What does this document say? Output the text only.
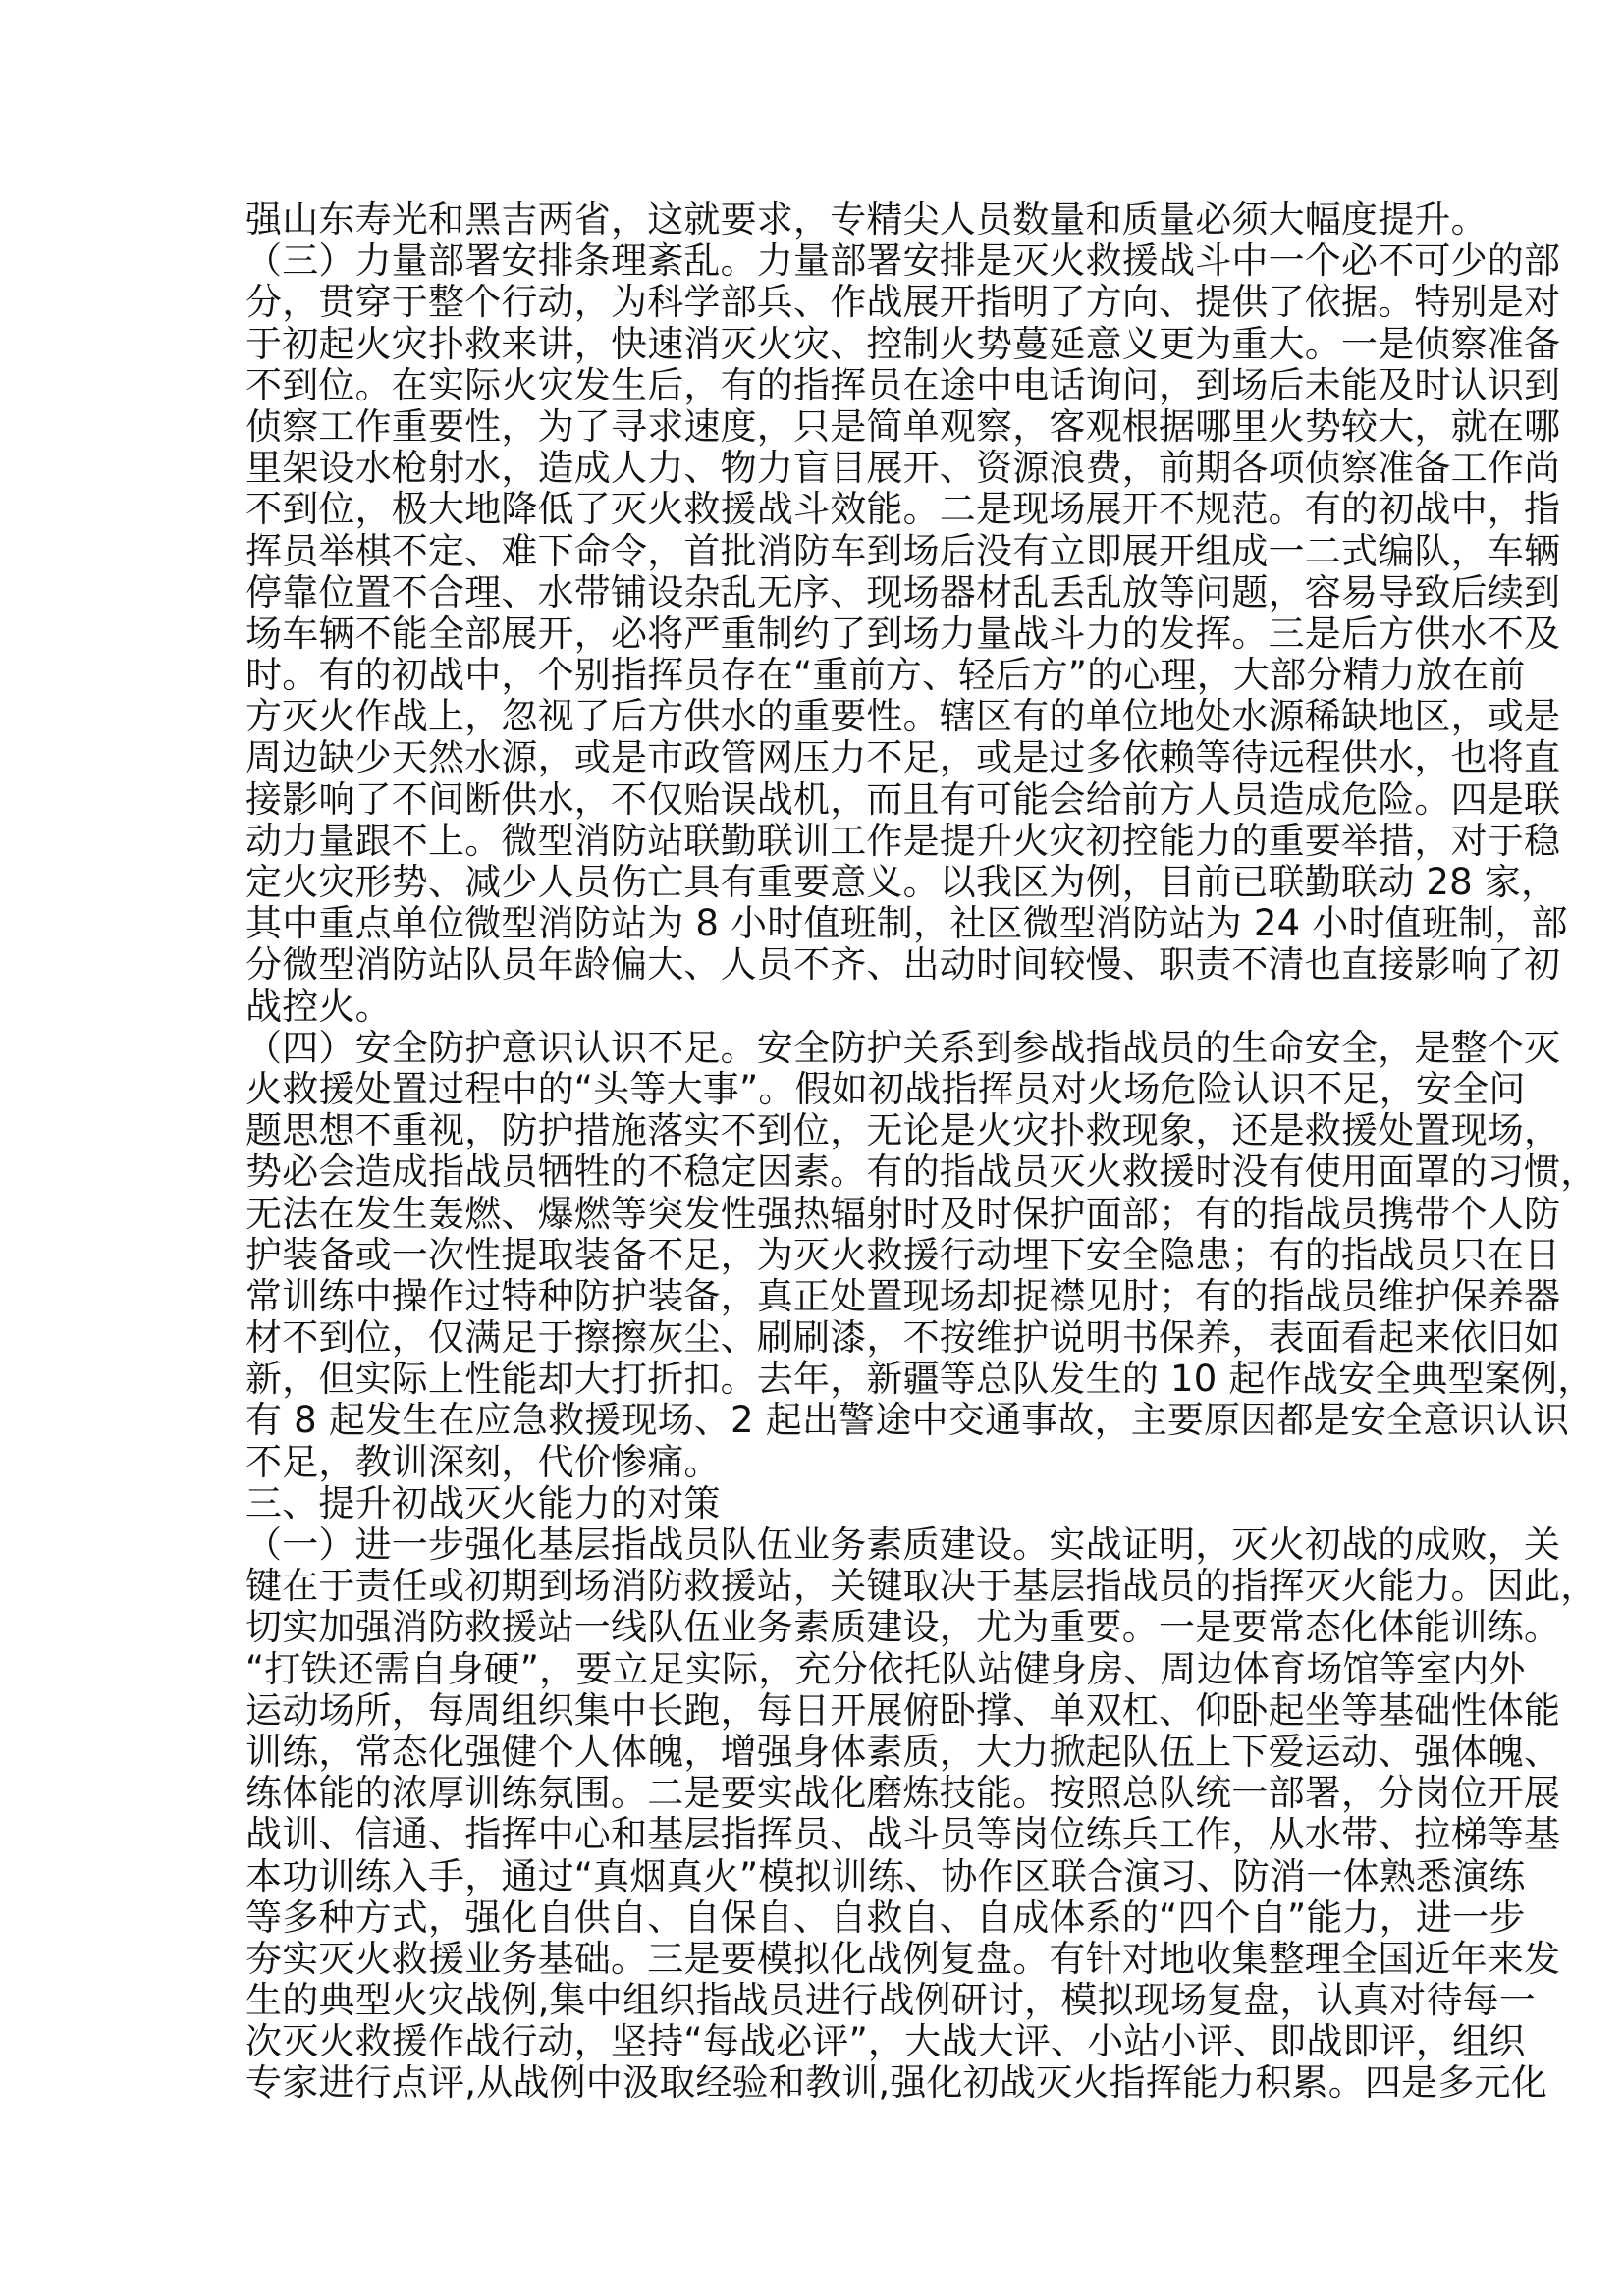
强山东寿光和黑吉两省，这就要求，专精尖人员数量和质量必须大幅度提升。
（三）力量部署安排条理紊乱。力量部署安排是灭火救援战斗中一个必不可少的部
分，贯穿于整个行动，为科学部兵、作战展开指明了方向、提供了依据。特别是对
于初起火灾扑救来讲，快速消灭火灾、控制火势蔓延意义更为重大。一是侦察准备
不到位。在实际火灾发生后，有的指挥员在途中电话询问，到场后未能及时认识到
侦察工作重要性，为了寻求速度，只是简单观察，客观根据哪里火势较大，就在哪
里架设水枪射水，造成人力、物力盲目展开、资源浪费，前期各项侦察准备工作尚
不到位，极大地降低了灭火救援战斗效能。二是现场展开不规范。有的初战中，指
挥员举棋不定、难下命令，首批消防车到场后没有立即展开组成一二式编队，车辆
停靠位置不合理、水带铺设杂乱无序、现场器材乱丢乱放等问题，容易导致后续到
场车辆不能全部展开，必将严重制约了到场力量战斗力的发挥。三是后方供水不及
时。有的初战中，个别指挥员存在“重前方、轻后方”的心理，大部分精力放在前
方灭火作战上，忽视了后方供水的重要性。辖区有的单位地处水源稀缺地区，或是
周边缺少天然水源，或是市政管网压力不足，或是过多依赖等待远程供水，也将直
接影响了不间断供水，不仅贻误战机，而且有可能会给前方人员造成危险。四是联
动力量跟不上。微型消防站联勤联训工作是提升火灾初控能力的重要举措，对于稳
定火灾形势、减少人员伤亡具有重要意义。以我区为例，目前已联勤联动 28 家，
其中重点单位微型消防站为 8 小时值班制，社区微型消防站为 24 小时值班制，部
分微型消防站队员年龄偏大、人员不齐、出动时间较慢、职责不清也直接影响了初
战控火。
（四）安全防护意识认识不足。安全防护关系到参战指战员的生命安全，是整个灭
火救援处置过程中的“头等大事”。假如初战指挥员对火场危险认识不足，安全问
题思想不重视，防护措施落实不到位，无论是火灾扑救现象，还是救援处置现场，
势必会造成指战员牺牲的不稳定因素。有的指战员灭火救援时没有使用面罩的习惯，
无法在发生轰燃、爆燃等突发性强热辐射时及时保护面部；有的指战员携带个人防
护装备或一次性提取装备不足，为灭火救援行动埋下安全隐患；有的指战员只在日
常训练中操作过特种防护装备，真正处置现场却捉襟见肘；有的指战员维护保养器
材不到位，仅满足于擦擦灰尘、刷刷漆，不按维护说明书保养，表面看起来依旧如
新，但实际上性能却大打折扣。去年，新疆等总队发生的 10 起作战安全典型案例，
有 8 起发生在应急救援现场、2 起出警途中交通事故，主要原因都是安全意识认识
不足，教训深刻，代价惨痛。
三、提升初战灭火能力的对策
（一）进一步强化基层指战员队伍业务素质建设。实战证明，灭火初战的成败，关
键在于责任或初期到场消防救援站，关键取决于基层指战员的指挥灭火能力。因此，
切实加强消防救援站一线队伍业务素质建设，尤为重要。一是要常态化体能训练。
“打铁还需自身硬”，要立足实际，充分依托队站健身房、周边体育场馆等室内外
运动场所，每周组织集中长跑，每日开展俯卧撑、单双杠、仰卧起坐等基础性体能
训练，常态化强健个人体魄，增强身体素质，大力掀起队伍上下爱运动、强体魄、
练体能的浓厚训练氛围。二是要实战化磨炼技能。按照总队统一部署，分岗位开展
战训、信通、指挥中心和基层指挥员、战斗员等岗位练兵工作，从水带、拉梯等基
本功训练入手，通过“真烟真火”模拟训练、协作区联合演习、防消一体熟悉演练
等多种方式，强化自供自、自保自、自救自、自成体系的“四个自”能力，进一步
夯实灭火救援业务基础。三是要模拟化战例复盘。有针对地收集整理全国近年来发
生的典型火灾战例,集中组织指战员进行战例研讨，模拟现场复盘，认真对待每一
次灭火救援作战行动，坚持“每战必评”，大战大评、小站小评、即战即评，组织
专家进行点评,从战例中汲取经验和教训,强化初战灭火指挥能力积累。四是多元化
